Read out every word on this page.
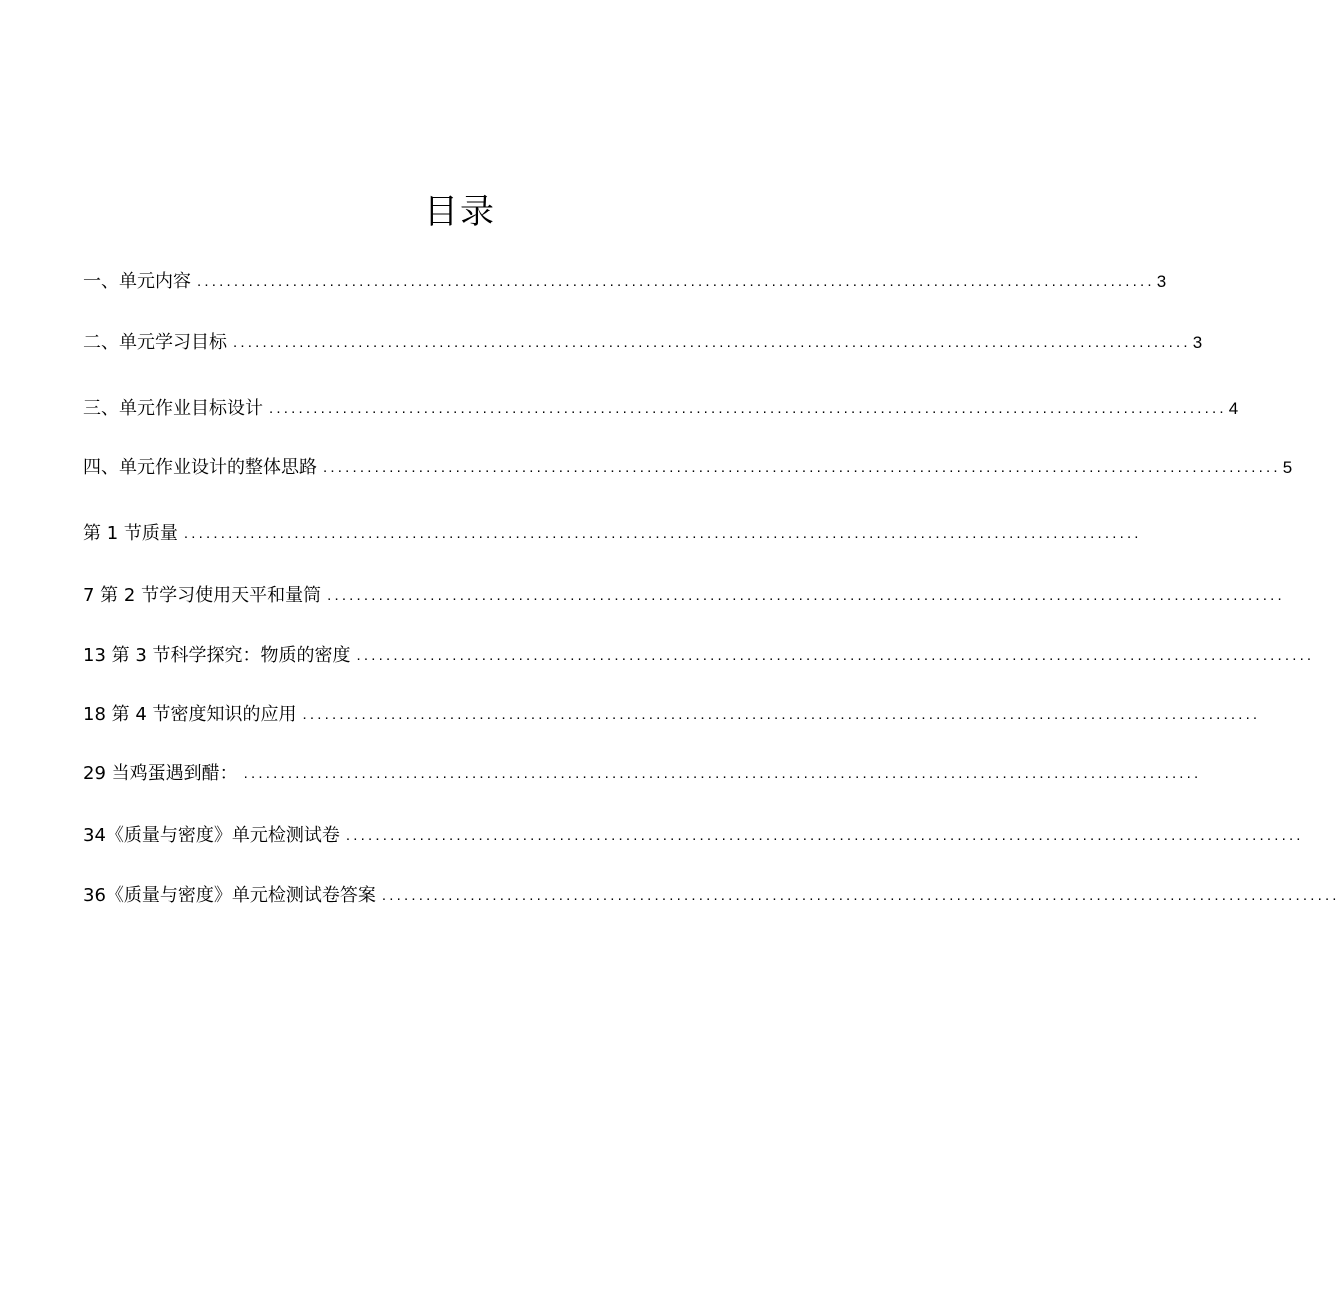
目录
一、单元内容 .................................................................................................................................. 3
二、单元学习目标 .................................................................................................................................. 3
三、单元作业目标设计 .................................................................................................................................. 4
四、单元作业设计的整体思路 .................................................................................................................................. 5
第 1 节质量 ..................................................................................................................................
7 第 2 节学习使用天平和量筒 ..................................................................................................................................
13 第 3 节科学探究：物质的密度 ..................................................................................................................................
18 第 4 节密度知识的应用 ..................................................................................................................................
29 当鸡蛋遇到醋： ..................................................................................................................................
34《质量与密度》单元检测试卷 ..................................................................................................................................
36《质量与密度》单元检测试卷答案 ..................................................................................................................................
